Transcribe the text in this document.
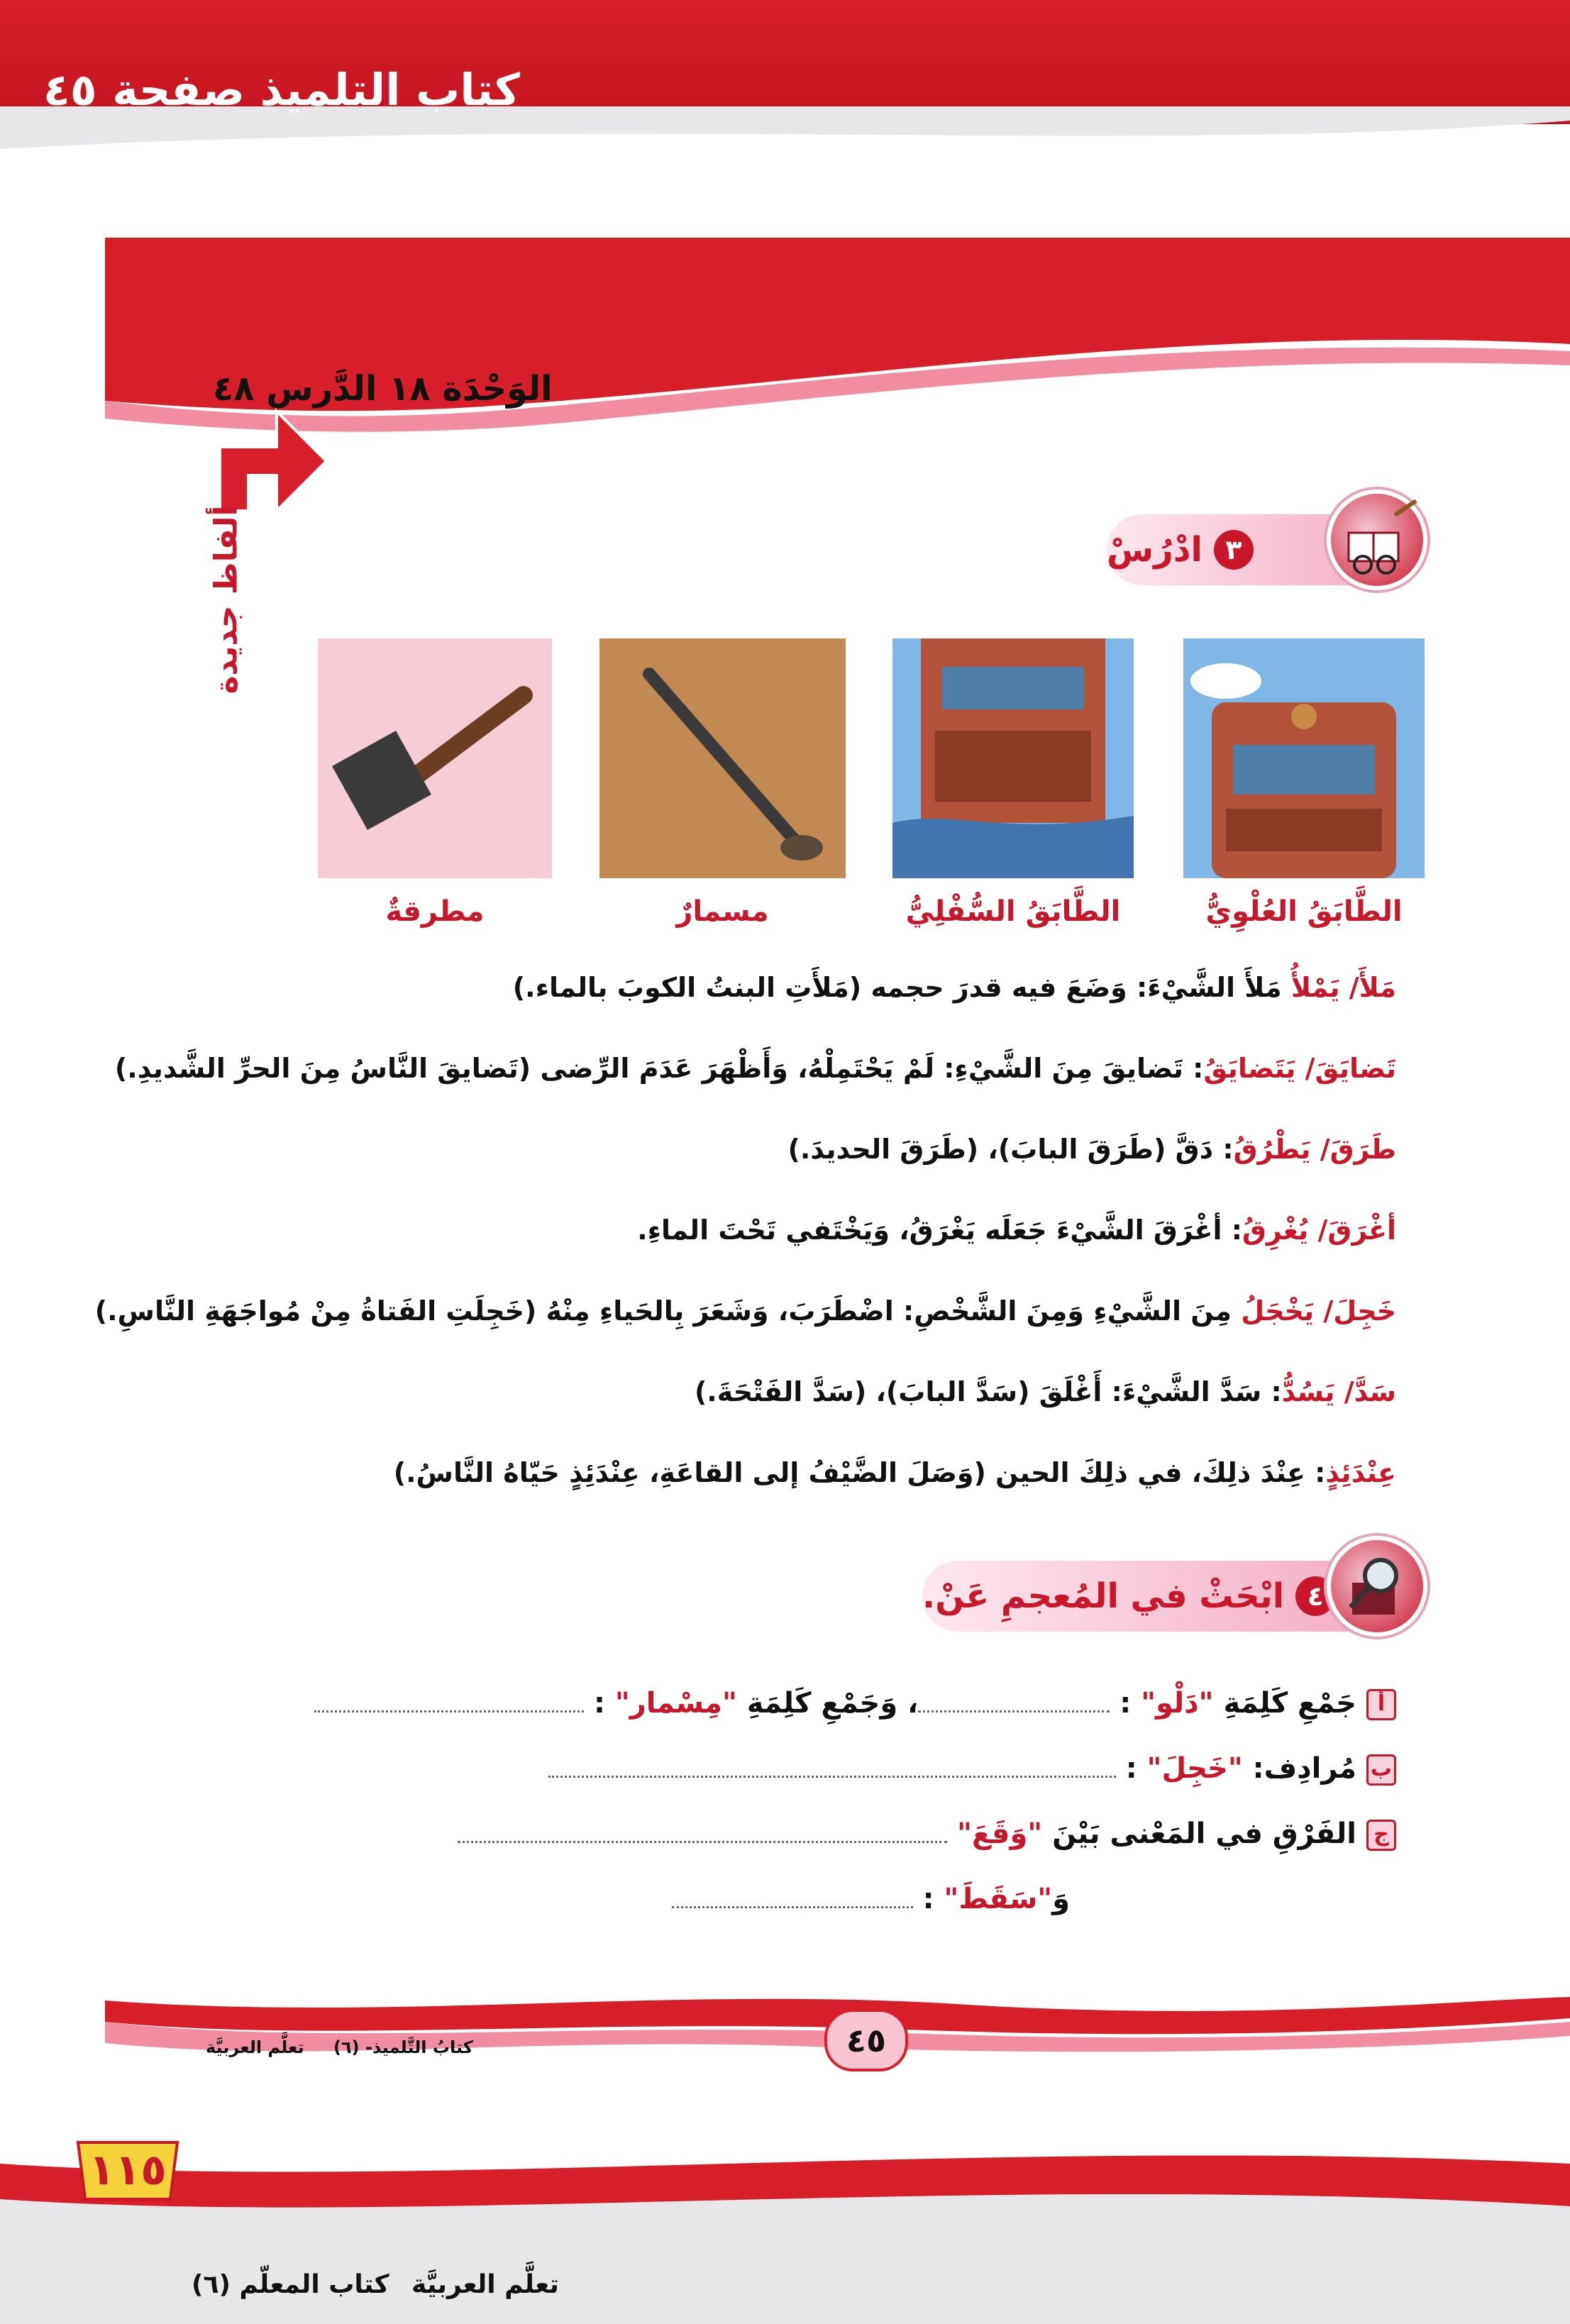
كتاب التلميذ صفحة ٤٥
الوَحْدَة ١٨ الدَّرس ٤٨
ألفاظ جديدة	٣
ادْرُسْ
الطَّابَقُ العُلْوِيُّ
الطَّابَقُ السُّفْلِيُّ
مسمارٌ
مطرقةٌ
مَلأَ/ يَمْلأُ مَلأَ الشَّيْءَ: وَضَعَ فيه قدرَ حجمه (مَلأَتِ البنتُ الكوبَ بالماء.)
تَضايَقَ/ يَتَضايَقُ: تَضايقَ مِنَ الشَّيْءِ: لَمْ يَحْتَمِلْهُ، وَأَظْهَرَ عَدَمَ الرِّضى (تَضايقَ النَّاسُ مِنَ الحرِّ الشَّديدِ.)
طَرَقَ/ يَطْرُقُ: دَقَّ (طَرَقَ البابَ)، (طَرَقَ الحديدَ.)
أغْرَقَ/ يُغْرِقُ: أغْرَقَ الشَّيْءَ جَعَلَه يَغْرَقُ، وَيَخْتَفي تَحْتَ الماءِ.
خَجِلَ/ يَخْجَلُ مِنَ الشَّيْءِ وَمِنَ الشَّخْصِ: اضْطَرَبَ، وَشَعَرَ بِالحَياءِ مِنْهُ (خَجِلَتِ الفَتاةُ مِنْ مُواجَهَةِ النَّاسِ.)
سَدَّ/ يَسُدُّ: سَدَّ الشَّيْءَ: أَغْلَقَ (سَدَّ البابَ)، (سَدَّ الفَتْحَةَ.)
عِنْدَئِذٍ: عِنْدَ ذلِكَ، في ذلِكَ الحين (وَصَلَ الضَّيْفُ إلى القاعَةِ، عِنْدَئِذٍ حَيّاهُ النَّاسُ.)
٤
ابْحَثْ في المُعجمِ عَنْ.
أجَمْعِ كَلِمَةِ "دَلْو" : ، وَجَمْعِ كَلِمَةِ "مِسْمار" :
بمُرادِف: "خَجِلَ" :
جالفَرْقِ في المَعْنى بَيْنَ "وَقَعَ"
وَ"سَقَطَ" :
٤٥
كتابُ التَّلميذ- (٦)
تعلَّم العربيَّة
١١٥
كتاب المعلّم (٦) تعلَّم العربيَّة
